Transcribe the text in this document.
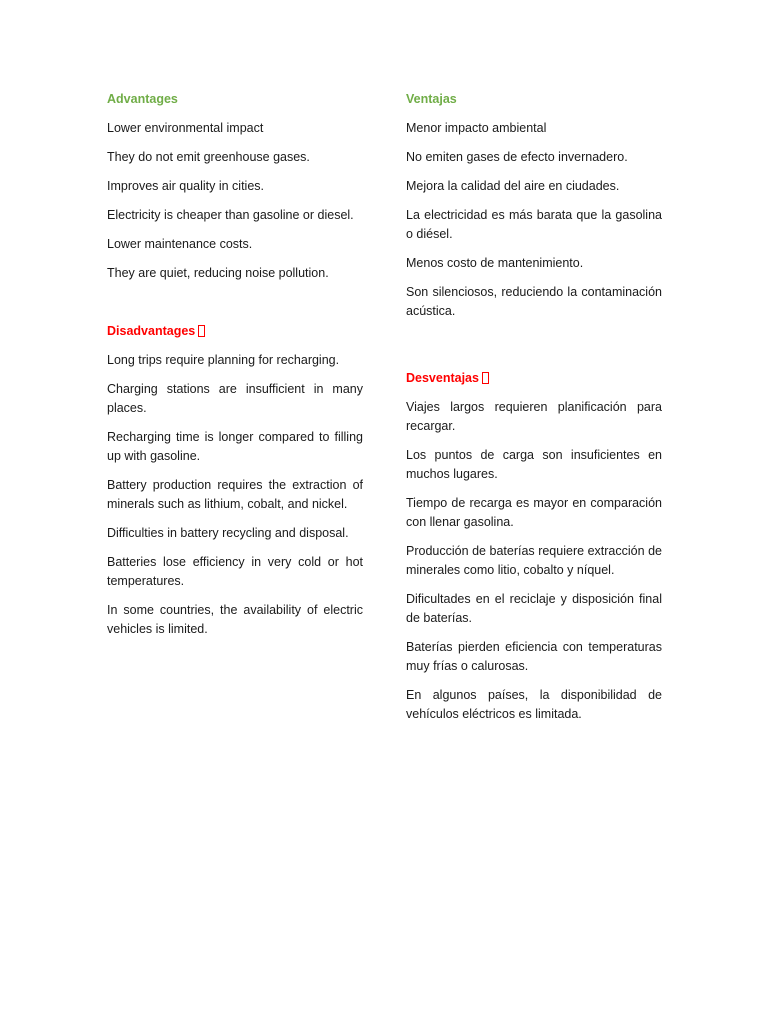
Advantages

Lower environmental impact

They do not emit greenhouse gases.

Improves air quality in cities.

Electricity is cheaper than gasoline or diesel.

Lower maintenance costs.

They are quiet, reducing noise pollution.

Disadvantages

Long trips require planning for recharging.

Charging stations are insufficient in many places.

Recharging time is longer compared to filling up with gasoline.

Battery production requires the extraction of minerals such as lithium, cobalt, and nickel.

Difficulties in battery recycling and disposal.

Batteries lose efficiency in very cold or hot temperatures.

In some countries, the availability of electric vehicles is limited.

Ventajas

Menor impacto ambiental

No emiten gases de efecto invernadero.

Mejora la calidad del aire en ciudades.

La electricidad es más barata que la gasolina o diésel.

Menos costo de mantenimiento.

Son silenciosos, reduciendo la contaminación acústica.

Desventajas

Viajes largos requieren planificación para recargar.

Los puntos de carga son insuficientes en muchos lugares.

Tiempo de recarga es mayor en comparación con llenar gasolina.

Producción de baterías requiere extracción de minerales como litio, cobalto y níquel.

Dificultades en el reciclaje y disposición final de baterías.

Baterías pierden eficiencia con temperaturas muy frías o calurosas.

En algunos países, la disponibilidad de vehículos eléctricos es limitada.
